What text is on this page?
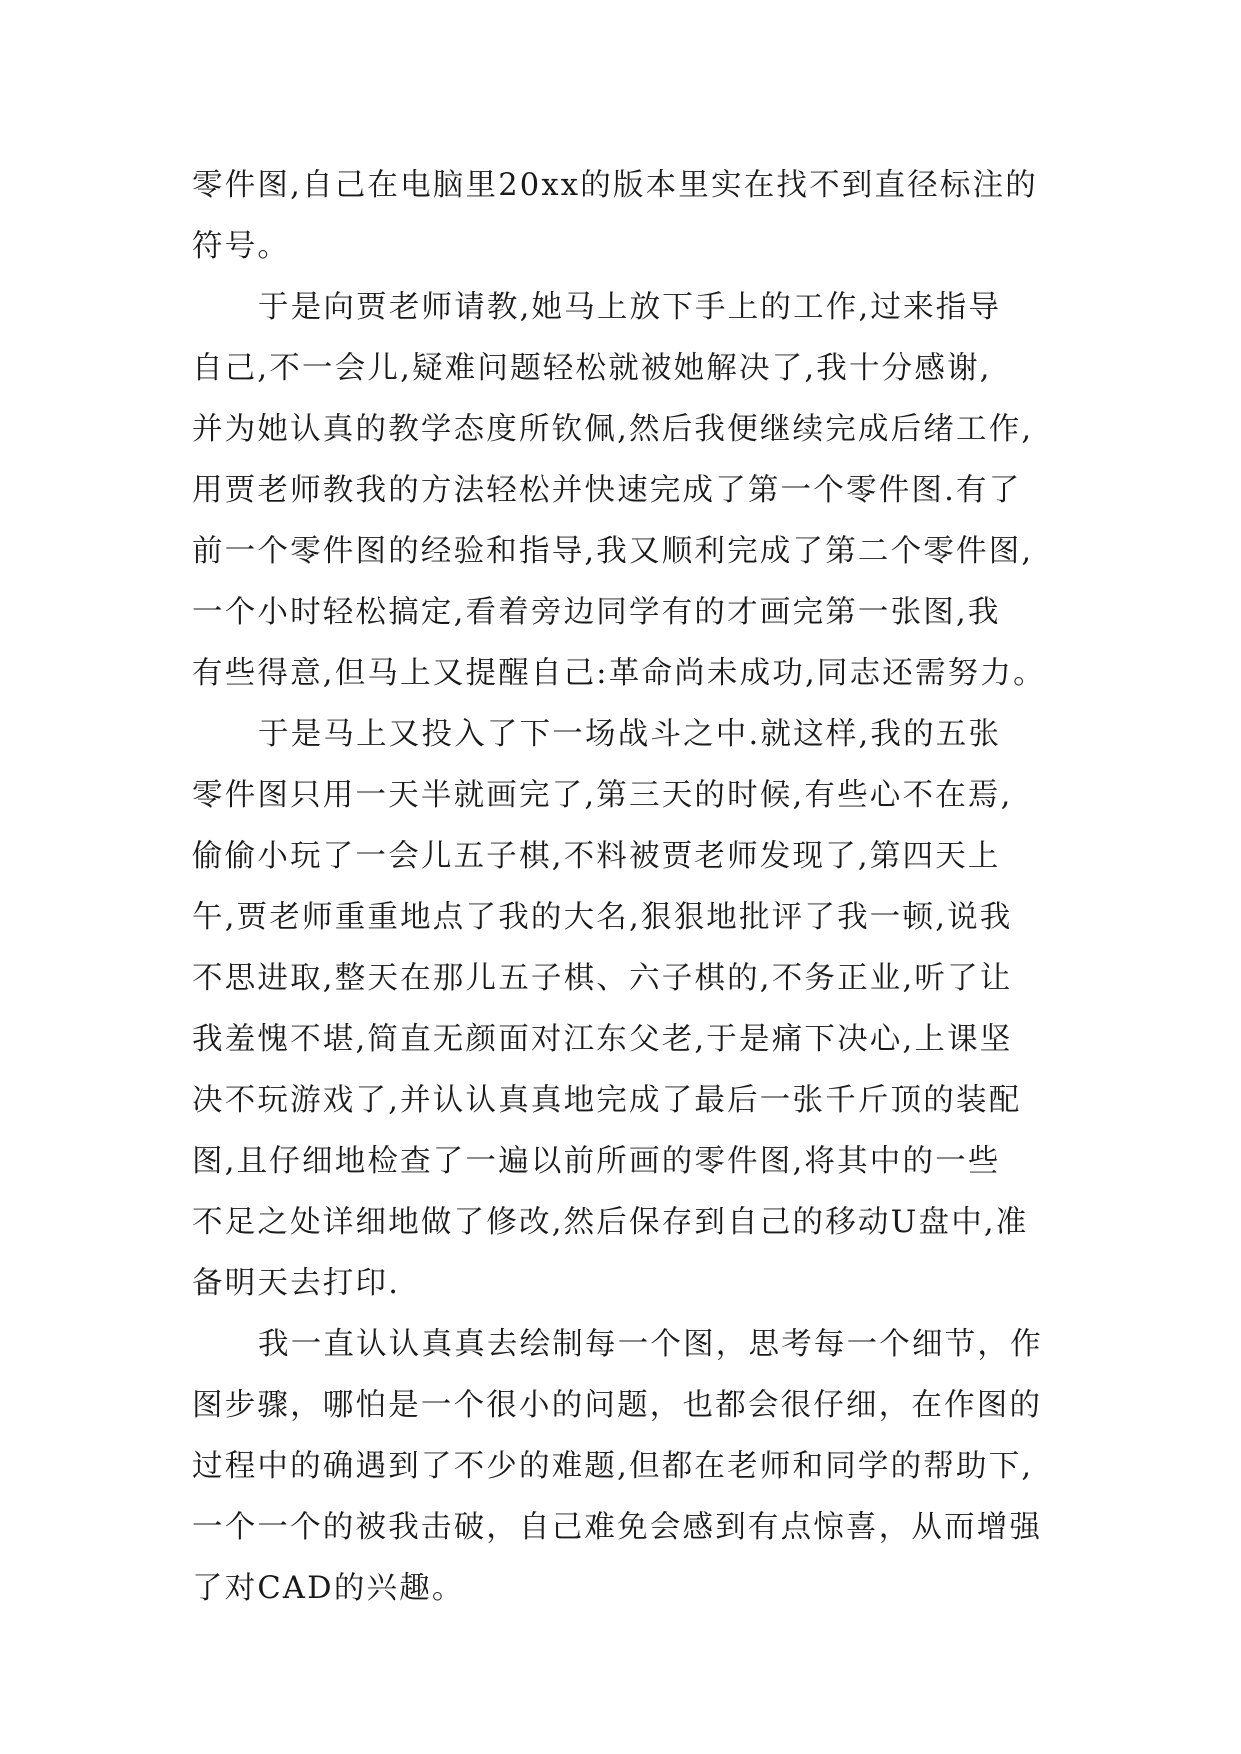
零件图,自己在电脑里20xx的版本里实在找不到直径标注的
符号。
于是向贾老师请教,她马上放下手上的工作,过来指导
自己,不一会儿,疑难问题轻松就被她解决了,我十分感谢,
并为她认真的教学态度所钦佩,然后我便继续完成后绪工作,
用贾老师教我的方法轻松并快速完成了第一个零件图.有了
前一个零件图的经验和指导,我又顺利完成了第二个零件图,
一个小时轻松搞定,看着旁边同学有的才画完第一张图,我
有些得意,但马上又提醒自己:革命尚未成功,同志还需努力。
于是马上又投入了下一场战斗之中.就这样,我的五张
零件图只用一天半就画完了,第三天的时候,有些心不在焉,
偷偷小玩了一会儿五子棋,不料被贾老师发现了,第四天上
午,贾老师重重地点了我的大名,狠狠地批评了我一顿,说我
不思进取,整天在那儿五子棋、六子棋的,不务正业,听了让
我羞愧不堪,简直无颜面对江东父老,于是痛下决心,上课坚
决不玩游戏了,并认认真真地完成了最后一张千斤顶的装配
图,且仔细地检查了一遍以前所画的零件图,将其中的一些
不足之处详细地做了修改,然后保存到自己的移动U盘中,准
备明天去打印.
我一直认认真真去绘制每一个图，思考每一个细节，作
图步骤，哪怕是一个很小的问题，也都会很仔细，在作图的
过程中的确遇到了不少的难题,但都在老师和同学的帮助下,
一个一个的被我击破，自己难免会感到有点惊喜，从而增强
了对CAD的兴趣。
